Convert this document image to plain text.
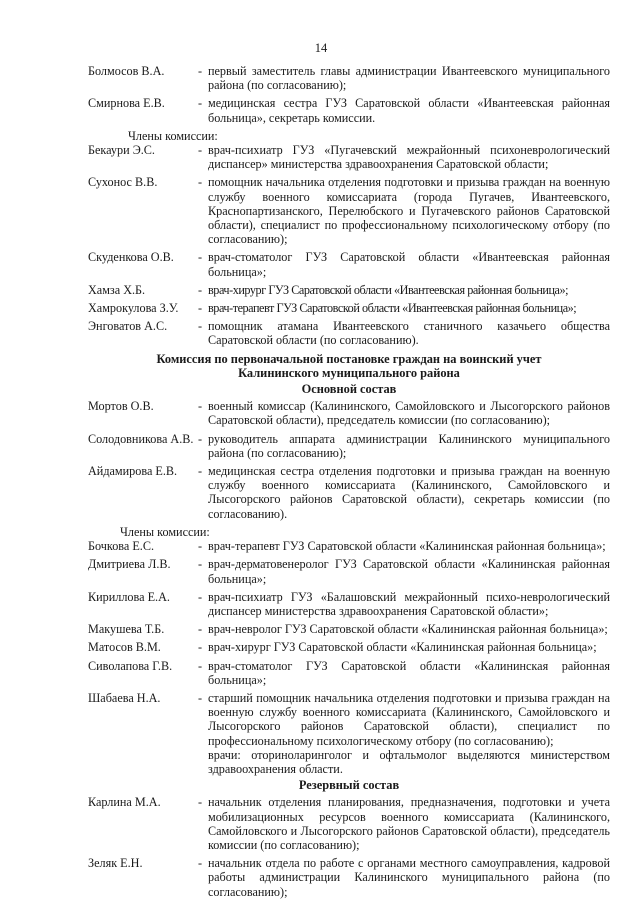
14
Болмосов В.А.	- первый заместитель главы администрации Ивантеевского муниципального района (по согласованию);
Смирнова Е.В.	- медицинская сестра ГУЗ Саратовской области «Ивантеевская районная больница», секретарь комиссии.
Члены комиссии:
Бекаури Э.С.	- врач-психиатр ГУЗ «Пугачевский межрайонный психоневрологический диспансер» министерства здравоохранения Саратовской области;
Сухонос В.В.	- помощник начальника отделения подготовки и призыва граждан на военную службу военного комиссариата (города Пугачев, Ивантеевского, Краснопартизанского, Перелюбского и Пугачевского районов Саратовской области), специалист по профессиональному психологическому отбору (по согласованию);
Скуденкова О.В.	- врач-стоматолог ГУЗ Саратовской области «Ивантеевская районная больница»;
Хамза Х.Б.	- врач-хирург ГУЗ Саратовской области «Ивантеевская районная больница»;
Хамрокулова З.У.	- врач-терапевт ГУЗ Саратовской области «Ивантеевская районная больница»;
Энговатов А.С.	- помощник атамана Ивантеевского станичного казачьего общества Саратовской области (по согласованию).
Комиссия по первоначальной постановке граждан на воинский учет
Калининского муниципального района
Основной состав
Мортов О.В.	- военный комиссар (Калининского, Самойловского и Лысогорского районов Саратовской области), председатель комиссии (по согласованию);
Солодовникова А.В. - руководитель аппарата администрации Калининского муниципального района (по согласованию);
Айдамирова Е.В.	- медицинская сестра отделения подготовки и призыва граждан на военную службу военного комиссариата (Калининского, Самойловского и Лысогорского районов Саратовской области), секретарь комиссии (по согласованию).
Члены комиссии:
Бочкова Е.С.	- врач-терапевт ГУЗ Саратовской области «Калининская районная больница»;
Дмитриева Л.В.	- врач-дерматовенеролог ГУЗ Саратовской области «Калининская районная больница»;
Кириллова Е.А.	- врач-психиатр ГУЗ «Балашовский межрайонный психо-неврологический диспансер министерства здравоохранения Саратовской области»;
Макушева Т.Б.	- врач-невролог ГУЗ Саратовской области «Калининская районная больница»;
Матосов В.М.	- врач-хирург ГУЗ Саратовской области «Калининская районная больница»;
Сиволапова Г.В.	- врач-стоматолог ГУЗ Саратовской области «Калининская районная больница»;
Шабаева Н.А.	- старший помощник начальника отделения подготовки и призыва граждан на военную службу военного комиссариата (Калининского, Самойловского и Лысогорского районов Саратовской области), специалист по профессиональному психологическому отбору (по согласованию);
врачи: оториноларинголог и офтальмолог выделяются министерством здравоохранения области.
Резервный состав
Карлина М.А.	- начальник отделения планирования, предназначения, подготовки и учета мобилизационных ресурсов военного комиссариата (Калининского, Самойловского и Лысогорского районов Саратовской области), председатель комиссии (по согласованию);
Зеляк Е.Н.	- начальник отдела по работе с органами местного самоуправления, кадровой работы администрации Калининского муниципального района (по согласованию);
